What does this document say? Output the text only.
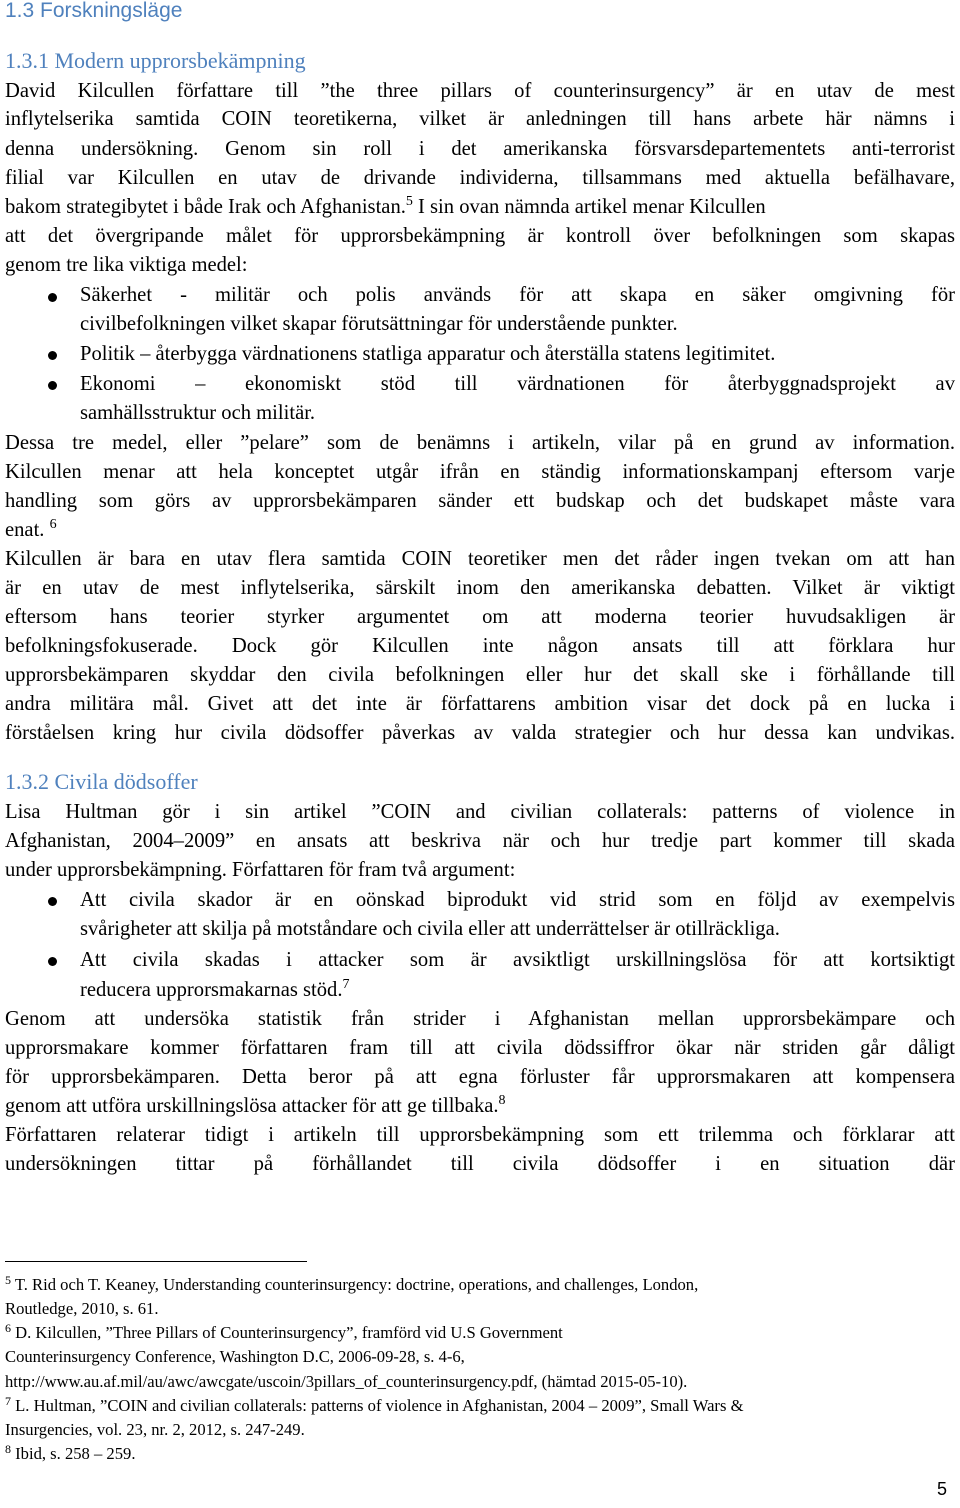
1.3 Forskningsläge
1.3.1 Modern upprorsbekämpning

David Kilcullen författare till ”the three pillars of counterinsurgency” är en utav de mest

inflytelserika samtida COIN teoretikerna, vilket är anledningen till hans arbete här nämns i

denna undersökning. Genom sin roll i det amerikanska försvarsdepartementets anti-terrorist

filial var Kilcullen en utav de drivande individerna, tillsammans med aktuella befälhavare,

bakom strategibytet i både Irak och Afghanistan.$^5$ I sin ovan nämnda artikel menar Kilcullen

att det övergripande målet för upprorsbekämpning är kontroll över befolkningen som skapas

genom tre lika viktiga medel:

Säkerhet - militär och polis används för att skapa en säker omgivning för

civilbefolkningen vilket skapar förutsättningar för understående punkter.

Politik – återbygga värdnationens statliga apparatur och återställa statens legitimitet.

Ekonomi – ekonomiskt stöd till värdnationen för återbyggnadsprojekt av

samhällsstruktur och militär.

Dessa tre medel, eller ”pelare” som de benämns i artikeln, vilar på en grund av information.

Kilcullen menar att hela konceptet utgår ifrån en ständig informationskampanj eftersom varje

handling som görs av upprorsbekämparen sänder ett budskap och det budskapet måste vara

enat. $^6$

Kilcullen är bara en utav flera samtida COIN teoretiker men det råder ingen tvekan om att han

är en utav de mest inflytelserika, särskilt inom den amerikanska debatten. Vilket är viktigt

eftersom hans teorier styrker argumentet om att moderna teorier huvudsakligen är

befolkningsfokuserade. Dock gör Kilcullen inte någon ansats till att förklara hur

upprorsbekämparen skyddar den civila befolkningen eller hur det skall ske i förhållande till

andra militära mål. Givet att det inte är författarens ambition visar det dock på en lucka i

förståelsen kring hur civila dödsoffer påverkas av valda strategier och hur dessa kan undvikas.

1.3.2 Civila dödsoffer

Lisa Hultman gör i sin artikel ”COIN and civilian collaterals: patterns of violence in

Afghanistan, 2004–2009” en ansats att beskriva när och hur tredje part kommer till skada

under upprorsbekämpning. Författaren för fram två argument:

Att civila skador är en oönskad biprodukt vid strid som en följd av exempelvis

svårigheter att skilja på motståndare och civila eller att underrättelser är otillräckliga.

Att civila skadas i attacker som är avsiktligt urskillningslösa för att kortsiktigt

reducera upprorsmakarnas stöd.$^7$

Genom att undersöka statistik från strider i Afghanistan mellan upprorsbekämpare och

upprorsmakare kommer författaren fram till att civila dödssiffror ökar när striden går dåligt

för upprorsbekämparen. Detta beror på att egna förluster får upprorsmakaren att kompensera

genom att utföra urskillningslösa attacker för att ge tillbaka.$^8$

Författaren relaterar tidigt i artikeln till upprorsbekämpning som ett trilemma och förklarar att

undersökningen tittar på förhållandet till civila dödsoffer i en situation där

$^5$ T. Rid och T. Keaney, Understanding counterinsurgency: doctrine, operations, and challenges, London,

Routledge, 2010, s. 61.

$^6$ D. Kilcullen, ”Three Pillars of Counterinsurgency”, framförd vid U.S Government

Counterinsurgency Conference, Washington D.C, 2006-09-28, s. 4-6,

http://www.au.af.mil/au/awc/awcgate/uscoin/3pillars_of_counterinsurgency.pdf, (hämtad 2015-05-10).

$^7$ L. Hultman, ”COIN and civilian collaterals: patterns of violence in Afghanistan, 2004 – 2009”, Small Wars &

Insurgencies, vol. 23, nr. 2, 2012, s. 247-249.

$^8$ Ibid, s. 258 – 259.

5
